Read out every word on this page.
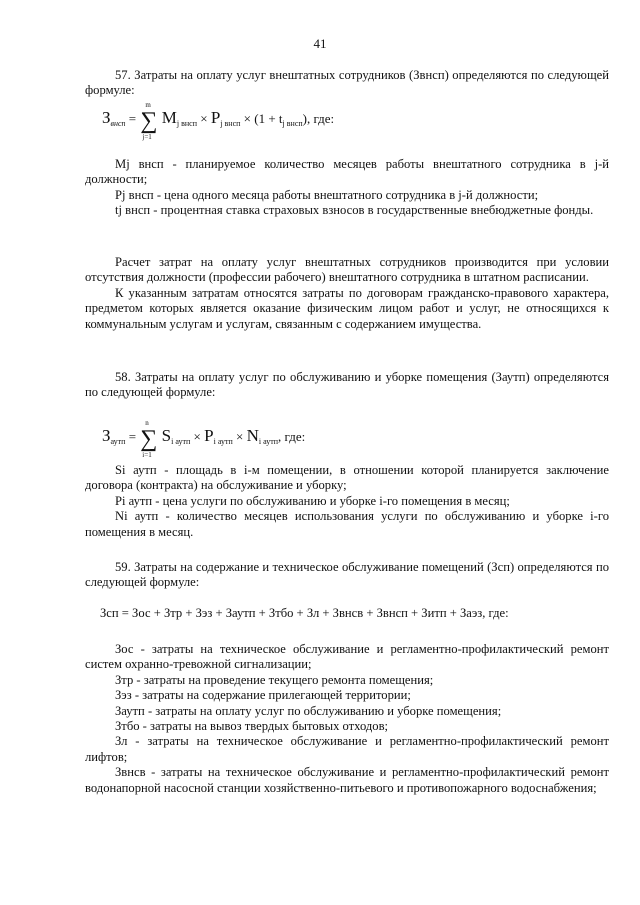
41

57. Затраты на оплату услуг внештатных сотрудников (Звнсп) определяются по следующей формуле:

$З_{внсп}$ = ∑
m
j=1
$M_{j внсп} \times P_{j внсп} \times (1 + t_{j внсп})$, где:

Mj внсп - планируемое количество месяцев работы внештатного сотрудника в j-й должности;

Pj внсп - цена одного месяца работы внештатного сотрудника в j-й должности;

tj внсп - процентная ставка страховых взносов в государственные внебюджетные фонды.

Расчет затрат на оплату услуг внештатных сотрудников производится при условии отсутствия должности (профессии рабочего) внештатного сотрудника в штатном расписании.

К указанным затратам относятся затраты по договорам гражданско-правового характера, предметом которых является оказание физическим лицом работ и услуг, не относящихся к коммунальным услугам и услугам, связанным с содержанием имущества.

58. Затраты на оплату услуг по обслуживанию и уборке помещения (Заутп) определяются по следующей формуле:

$З_{аутп}$ = ∑
n
i=1
$S_{i аутп} \times P_{i аутп} \times N_{i аутп}$, где:

Si аутп - площадь в i-м помещении, в отношении которой планируется заключение договора (контракта) на обслуживание и уборку;

Pi аутп - цена услуги по обслуживанию и уборке i-го помещения в месяц;

Ni аутп - количество месяцев использования услуги по обслуживанию и уборке i-го помещения в месяц.

59. Затраты на содержание и техническое обслуживание помещений (Зсп) определяются по следующей формуле:

Зсп = Зос + Зтр + Зэз + Заутп + Зтбо + Зл + Звнсв + Звнсп + Зитп + Заэз, где:

Зос - затраты на техническое обслуживание и регламентно-профилактический ремонт систем охранно-тревожной сигнализации;

Зтр - затраты на проведение текущего ремонта помещения;

Зэз - затраты на содержание прилегающей территории;

Заутп - затраты на оплату услуг по обслуживанию и уборке помещения;

Зтбо - затраты на вывоз твердых бытовых отходов;

Зл - затраты на техническое обслуживание и регламентно-профилактический ремонт лифтов;

Звнсв - затраты на техническое обслуживание и регламентно-профилактический ремонт водонапорной насосной станции хозяйственно-питьевого и противопожарного водоснабжения;
